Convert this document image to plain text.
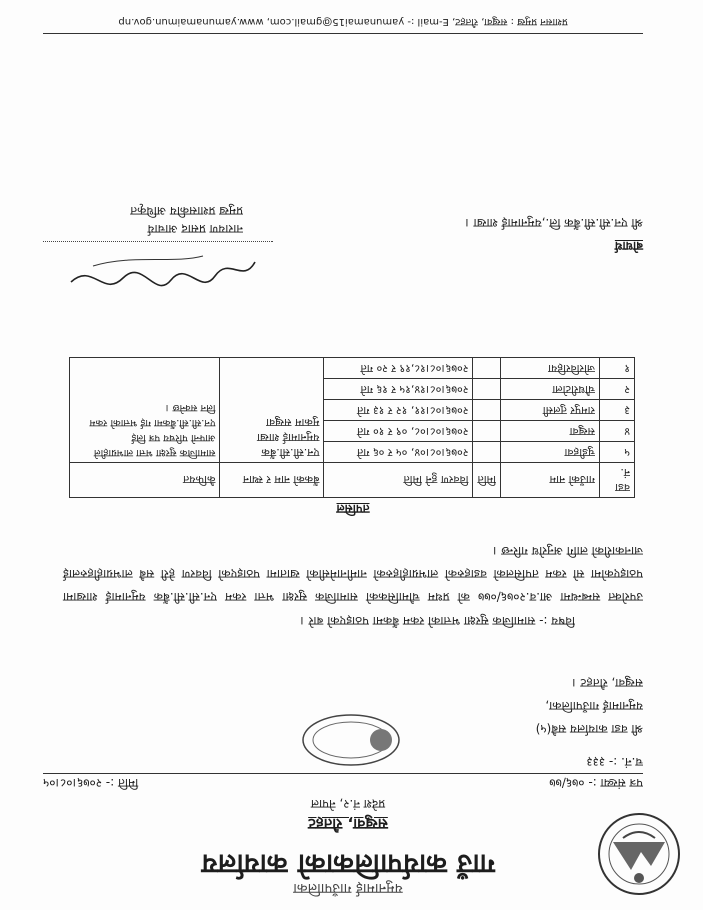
यमुनामाई गाउँपालिका
गाउँ कार्यपालिकाको कार्यालय
सखुवा, रौतहट
प्रदेश नं.२, नेपाल
पत्र संख्या :- ०७६/७७
मिति :- २०७६।०८।०५
च.नं. :- ३३३
श्री वडा कार्यालय सबै(५)
यमुनामाई गाउँपालिका,
सखुवा, रौतहट ।
विषय :- सामाजिक सुरक्षा भत्ताको रकम बैंकमा पठाइएको बारे ।
उपरोक्त सम्बन्धमा आ.व.२०७६/०७७ को प्रथम चौमासिकको सामाजिक सुरक्षा भत्ता रकम एन.सी.सी.बैंक यमुनामाई शाखामा पठाइएकोमा सो रकम तपसिलको वडाहरुको लाभग्राहीहरुको नामीनामेसीको खातामा पठाइएको विवरण हेरी सबै लाभग्राहीहरुलाई जानकारीको लागि अनुरोध गरिन्छ ।
तपसिल
वडा नं.	गाउँको नाम	मिति	विवरण हुने मिति	बैंकको नाम र स्थान	कैफियत
५	चुडीहवा		२०७६।०८।०४, ०५ र ०६ गते	एन.सी.सी.बैंक
यमुनामाई शाखा
मुकाम सखुवा	सामाजिक सुरक्षा भत्ता लाभग्राहीले आफ्नो परिचय पत्र लिई एन.सी.सी.बैंकमा गई भत्ताको रकम लिन सक्नेछ ।
४	सखुवा		२०७६।०८।०८, ०९ र १० गते		
३	रामपुर तुलसी		२०७६।०८।११, १२ र १३ गते		
२	चौधरीटोला		२०७६।०८।१४,१५ र १६ गते		
१	जोरविरहिया		२०७६।०८।१८,१९ र २० गते		
नारायण प्रसाद आचार्य
प्रमुख प्रशासकीय अधिकृत
बोधार्थ
श्री एन.सी.सी.बैंक लि.,यमुनामाई शाखा ।
प्रशासन प्रमुख : सखुवा, रौतहट, E-mail :- yamunamai15@gmail.com, www.yamunamaimun.gov.np
